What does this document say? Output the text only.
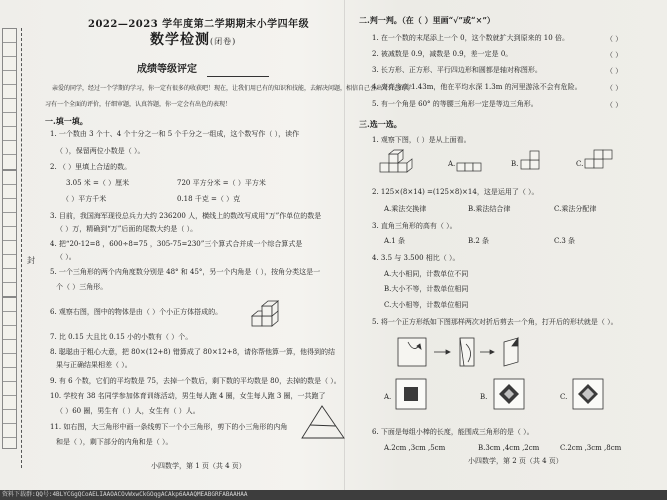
封
2022—2023 学年度第二学期期末小学四年级
数学检测(闭卷)
成绩等级评定
亲爱的同学，经过一个学期的学习，你一定有很多的收获吧！现在，让我们用已有的知识和技能，去解决问题，相信自己会出对自己的学
习有一个全面的评价，仔细审题，认真答题，你一定会有出色的表现！
一.填一填。
1. 一个数由 3 个十、4 个十分之一和 5 个千分之一组成，这个数写作（ ），读作
（ ），保留两位小数是（ ）。
2. （ ）里填上合适的数。
3.05 米 =（ ）厘米	720 平方分米 =（ ）平方米
（ ）平方千米	0.18 千克 =（ ）克
3. 目前，我国海军现役总兵力大约 236200 人，横线上的数改写成用“万”作单位的数是
（ ）万，精确到“万”后面的尾数大约是（ ）。
4. 把“20-12=8 ，600÷8=75 ，305-75=230”三个算式合并成一个综合算式是
（ ）。
5. 一个三角形的两个内角度数分别是 48° 和 45°，另一个内角是（ ），按角分类这是一
个（ ）三角形。
6. 观察右图，图中的物体是由（ ）个小正方体搭成的。
7. 比 0.15 大且比 0.15 小的小数有（ ）个。
8. 聪聪由于粗心大意，把 80×(12+8) 错算成了 80×12+8，请你帮他算一算，他得到的结
果与正确结果相差（ ）。
9. 有 6 个数，它们的平均数是 75，去掉一个数后，剩下数的平均数是 80，去掉的数是（ ）。
10. 学校有 38 名同学参加体育训练活动，男生每人跑 4 圈，女生每人跑 3 圈，一共跑了
（ ）60 圈，男生有（ ）人，女生有（ ）人。
11. 如右图，大三角形中画一条线剪下一个小三角形，剪下的小三角形的内角
和是（ ），剩下部分的内角和是（ ）。
小四数学，第 1 页（共 4 页）
二.判一判。（在（ ）里画“√”或“×”）
1. 在一个数的末尾添上一个 0，这个数就扩大到原来的 10 倍。	（ ）
2. 被减数是 0.9，减数是 0.9，差一定是 0。	（ ）
3. 长方形、正方形、平行四边形和圆都是轴对称图形。	（ ）
4. 亮亮身高 1.43m，他在平均水深 1.3m 的河里游泳不会有危险。	（ ）
5. 有一个角是 60° 的等腰三角形一定是等边三角形。	（ ）
三.选一选。
1. 观察下图，（ ）是从上面看。
A.	B.	C.
2. 125×(8×14) =(125×8)×14，这是运用了（ ）。
A.乘法交换律	B.乘法结合律	C.乘法分配律
3. 直角三角形的高有（ ）。
A.1 条	B.2 条	C.3 条
4. 3.5 与 3.500 相比（ ）。
A.大小相同，计数单位不同
B.大小不等，计数单位相同
C.大小相等，计数单位相同
5. 将一个正方形纸如下图那样两次对折后剪去一个角，打开后的形状就是（ ）。
A.	B.	C.
6. 下面是每组小棒的长度，能围成三角形的是（ ）。
A.2cm ,3cm ,5cm	B.3cm ,4cm ,2cm	C.2cm ,3cm ,8cm
小四数学，第 2 页（共 4 页）
资料下载群:QQ号:4BLYCGgQCoAELIAAOACOvWxwCkGOqgACAkp6AAAQMEABGRFABAAHAA
